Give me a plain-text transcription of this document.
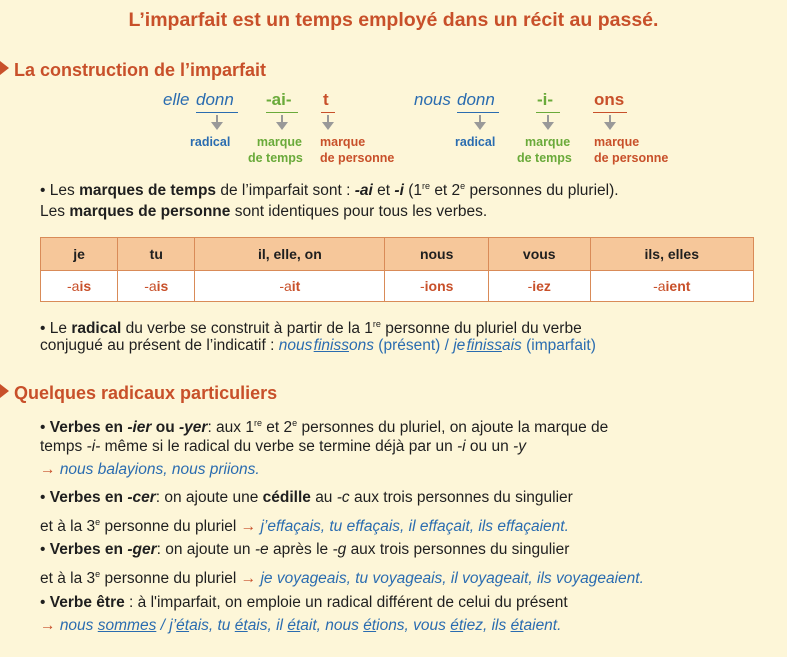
L’imparfait est un temps employé dans un récit au passé.
La construction de l’imparfait
elle donn -ai- t
radical	marque
de temps
marque
de personne
nous donn -i- ons
radical marque
de temps
marque
de personne
• Les marques de temps de l’imparfait sont : -ai et -i (1re et 2e personnes du pluriel).
Les marques de personne sont identiques pour tous les verbes.
je	tu	il, elle, on	nous	vous	ils, elles
-ais	-ais	-ait	-ions	-iez	-aient
• Le radical du verbe se construit à partir de la 1re personne du pluriel du verbe
conjugué au présent de l’indicatif : nous finissons (présent) / je finissais (imparfait)
Quelques radicaux particuliers
• Verbes en -ier ou -yer: aux 1re et 2e personnes du pluriel, on ajoute la marque de
temps -i- même si le radical du verbe se termine déjà par un -i ou un -y
→ nous balayions, nous priions.
• Verbes en -cer: on ajoute une cédille au -c aux trois personnes du singulier
et à la 3e personne du pluriel → j’effaçais, tu effaçais, il effaçait, ils effaçaient.
• Verbes en -ger: on ajoute un -e après le -g aux trois personnes du singulier
et à la 3e personne du pluriel → je voyageais, tu voyageais, il voyageait, ils voyageaient.
• Verbe être : à l'imparfait, on emploie un radical différent de celui du présent
→ nous sommes / j’étais, tu étais, il était, nous étions, vous étiez, ils étaient.
